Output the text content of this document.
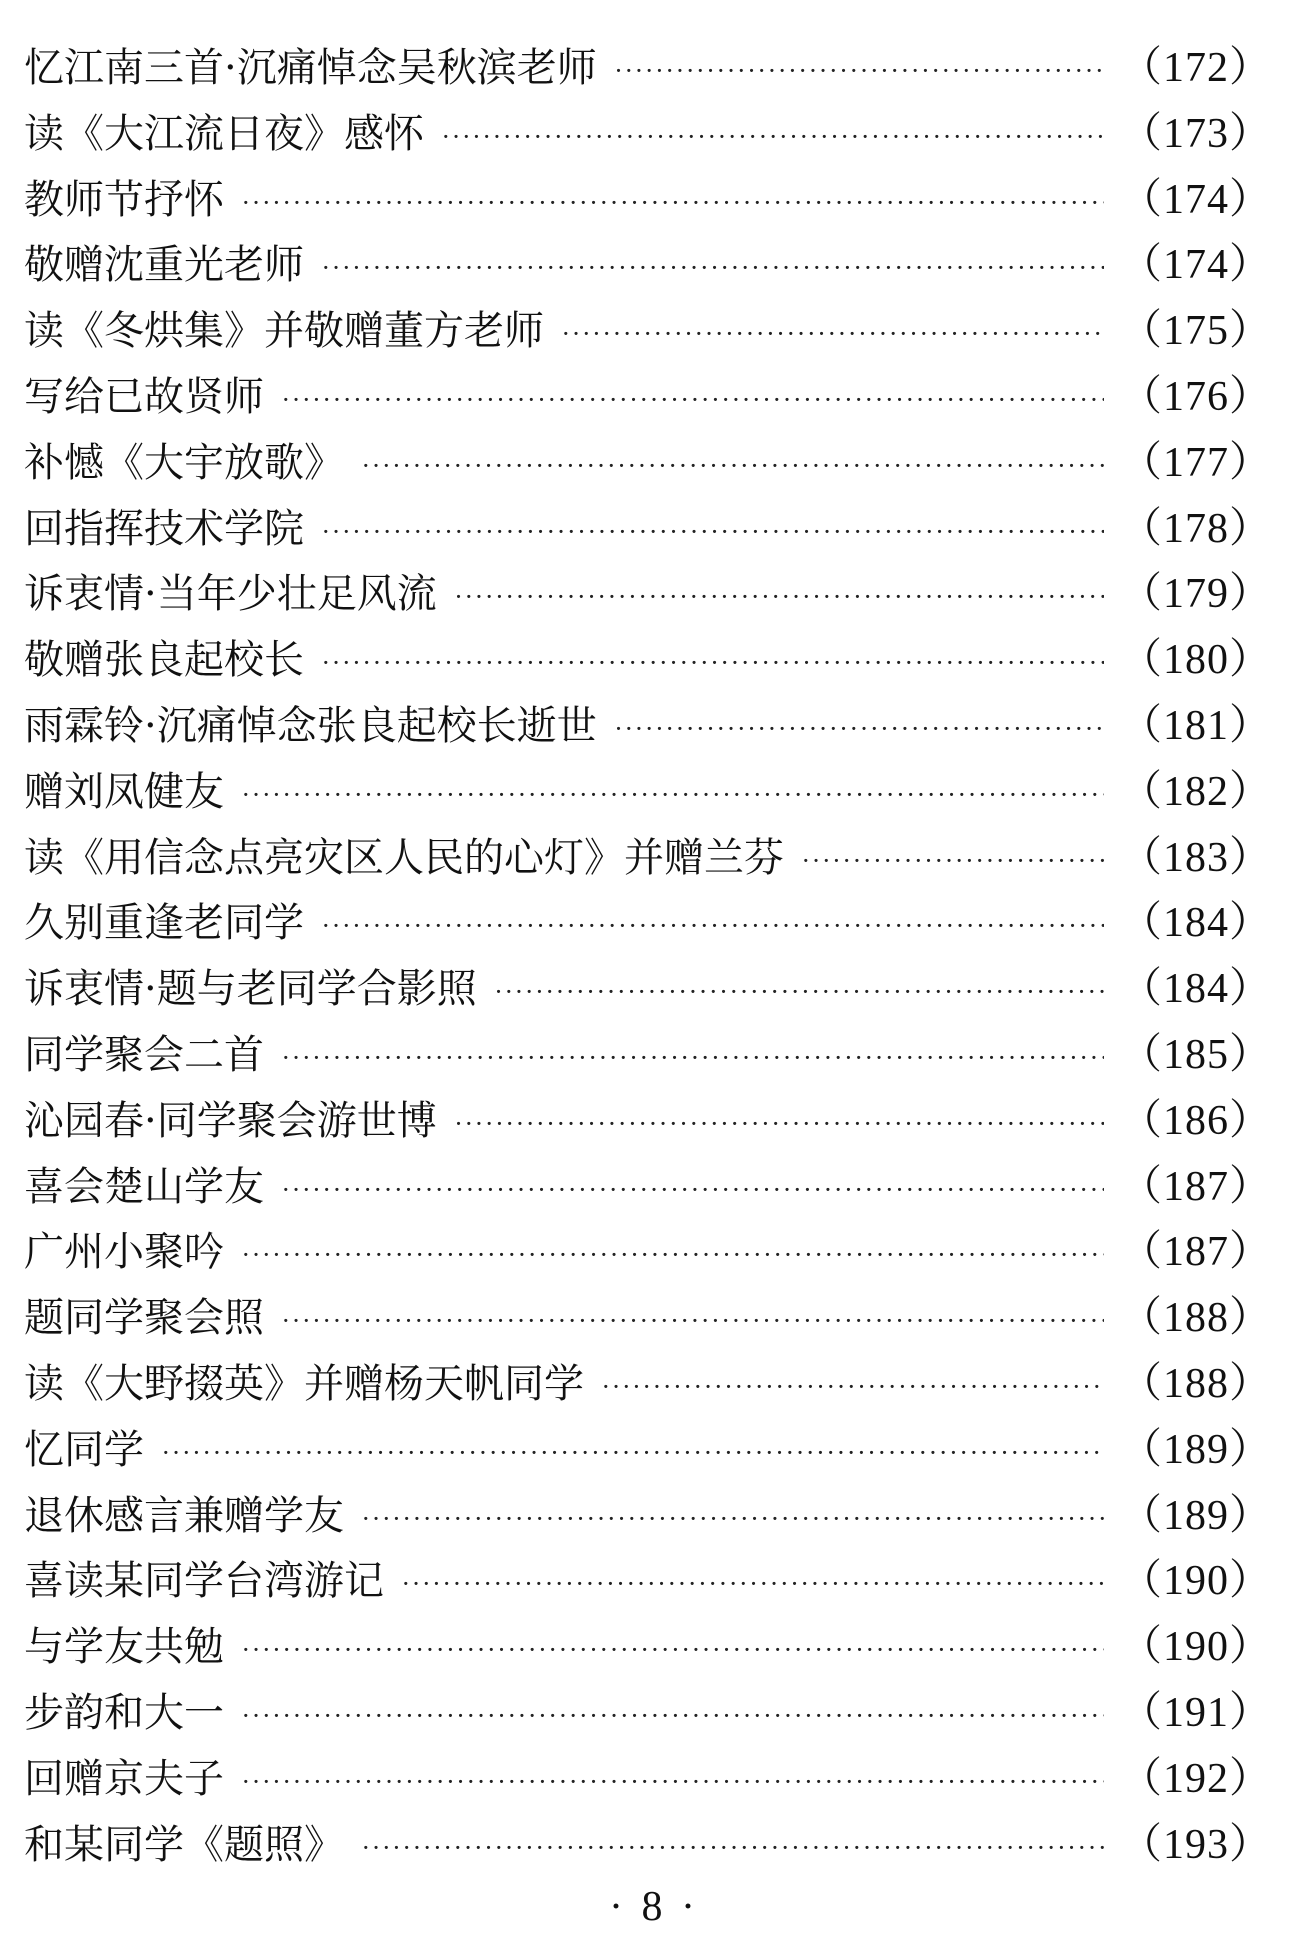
忆江南三首·沉痛悼念吴秋滨老师 ·····	（172）
读《大江流日夜》感怀 ·····	（173）
教师节抒怀 ·····	（174）
敬赠沈重光老师 ·····	（174）
读《冬烘集》并敬赠董方老师 ·····	（175）
写给已故贤师 ·····	（176）
补憾《大宇放歌》 ·····	（177）
回指挥技术学院 ·····	（178）
诉衷情·当年少壮足风流 ·····	（179）
敬赠张良起校长 ·····	（180）
雨霖铃·沉痛悼念张良起校长逝世 ·····	（181）
赠刘凤健友 ·····	（182）
读《用信念点亮灾区人民的心灯》并赠兰芬 ·····	（183）
久别重逢老同学 ·····	（184）
诉衷情·题与老同学合影照 ·····	（184）
同学聚会二首 ·····	（185）
沁园春·同学聚会游世博 ·····	（186）
喜会楚山学友 ·····	（187）
广州小聚吟 ·····	（187）
题同学聚会照 ·····	（188）
读《大野掇英》并赠杨天帆同学 ·····	（188）
忆同学 ·····	（189）
退休感言兼赠学友 ·····	（189）
喜读某同学台湾游记 ·····	（190）
与学友共勉 ·····	（190）
步韵和大一 ·····	（191）
回赠京夫子 ·····	（192）
和某同学《题照》 ·····	（193）
· 8 ·
